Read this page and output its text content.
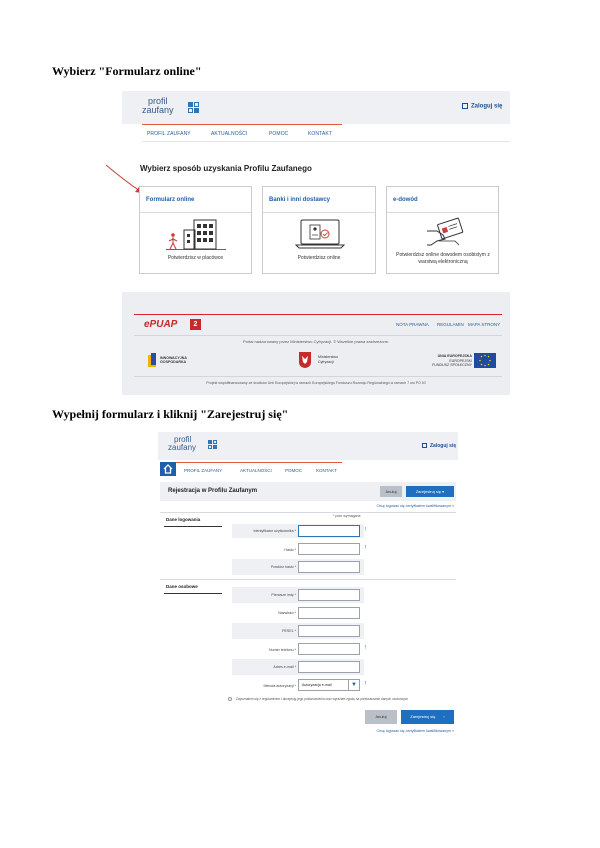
Wybierz "Formularz online"
profil
zaufany	Zaloguj się
PROFIL ZAUFANY	AKTUALNOŚCI	POMOC	KONTAKT
Wybierz sposób uzyskania Profilu Zaufanego
Formularz online
Potwierdzisz w placówce
Banki i inni dostawcy
Potwierdzisz online
e-dowód
Potwierdzisz online dowodem osobistym z warstwą elektroniczną
ePUAP	2	NOTA PRAWNA REGULAMIN MAPA STRONY
Portal nadzorowany przez Ministerstwo Cyfryzacji. © Wszelkie prawa zastrzeżone.
INNOWACYJNA GOSPODARKA
Ministerstwo
Cyfryzacji
UNIA EUROPEJSKA
EUROPEJSKI FUNDUSZ SPOŁECZNY
Projekt współfinansowany ze środków Unii Europejskiej w ramach Europejskiego Funduszu Rozwoju Regionalnego w ramach 7 osi PO IG
Wypełnij formularz i kliknij "Zarejestruj się"
profil
zaufany	Zaloguj się
PROFIL ZAUFANY	AKTUALNOŚCI	POMOC	KONTAKT
Rejestracja w Profilu Zaufanym	Anuluj	Zarejestruj się ▾
Chcę logować się certyfikatem kwalifikowanym »
* pole wymagane
Dane logowania
Identyfikator użytkownika *	!
Hasło *	!
Powtórz hasło *
Dane osobowe
Pierwsze imię *
Nazwisko *
PESEL *
Numer telefonu *	!
Adres e-mail *
Metoda autoryzacji * Autoryzacja e-mail	▼	!
Zapoznałem się z regulaminem i akceptuję jego postanowienia oraz wyrażam zgodę na przetwarzanie danych osobowych
Anuluj	Zarejestruj się ›
Chcę logować się certyfikatem kwalifikowanym »
